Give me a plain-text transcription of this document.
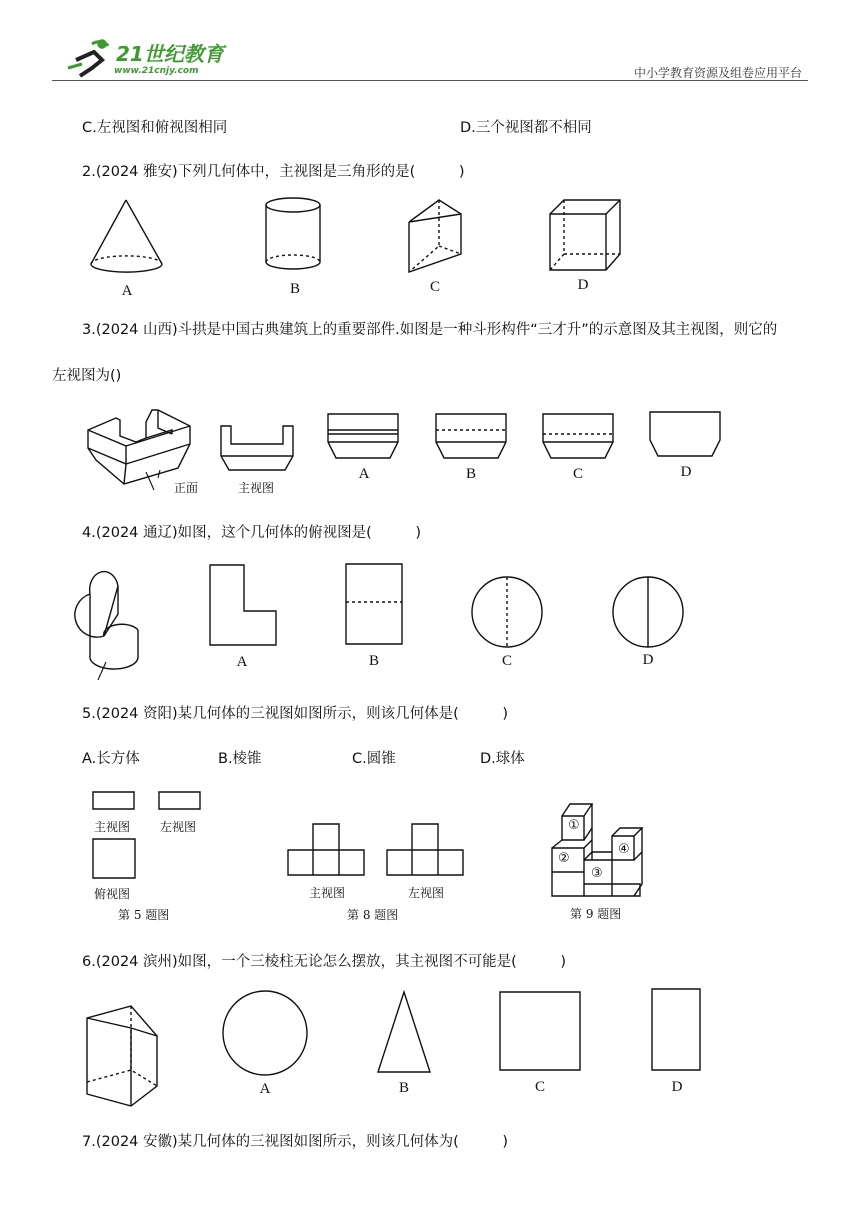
21世纪教育
www.21cnjy.com	中小学教育资源及组卷应用平台
C.左视图和俯视图相同	D.三个视图都不相同
2.(2024 雅安)下列几何体中，主视图是三角形的是(　　　)
A	B	C	D
3.(2024 山西)斗拱是中国古典建筑上的重要部件.如图是一种斗形构件“三才升”的示意图及其主视图，则它的
左视图为()
正面	主视图
A	B	C	D
4.(2024 通辽)如图，这个几何体的俯视图是(　　　)
A	B	C	D
5.(2024 资阳)某几何体的三视图如图所示，则该几何体是(　　　)
A.长方体	B.棱锥	C.圆锥	D.球体
主视图 左视图
俯视图
第 5 题图
主视图	左视图
第 8 题图
①
②
③
④
第 9 题图
6.(2024 滨州)如图，一个三棱柱无论怎么摆放，其主视图不可能是(　　　)
A	B	C	D
7.(2024 安徽)某几何体的三视图如图所示，则该几何体为(　　　)
